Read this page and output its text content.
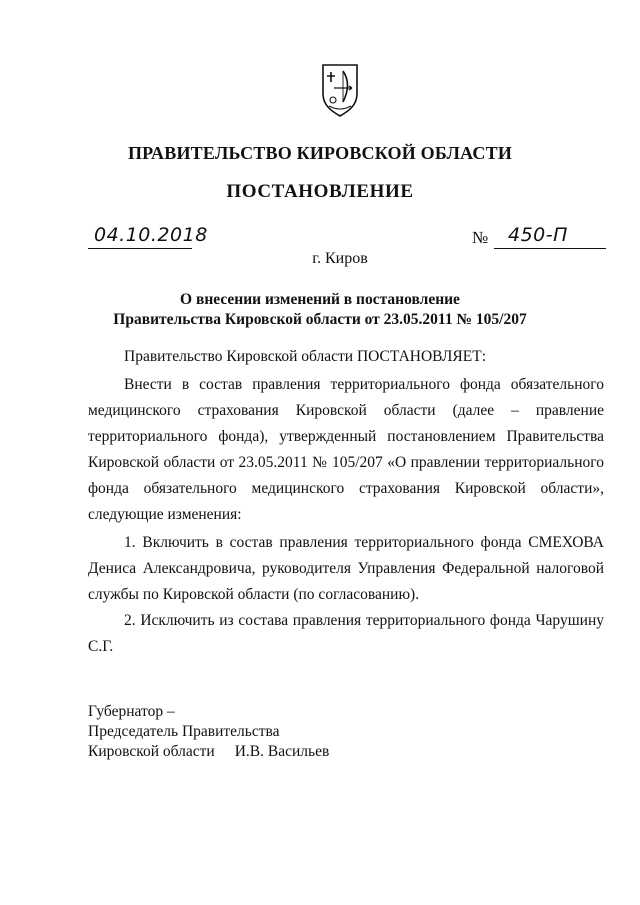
ПРАВИТЕЛЬСТВО КИРОВСКОЙ ОБЛАСТИ
ПОСТАНОВЛЕНИЕ
04.10.2018	№ 450-П
г. Киров
О внесении изменений в постановление
Правительства Кировской области от 23.05.2011 № 105/207

Правительство Кировской области ПОСТАНОВЛЯЕТ:

Внести в состав правления территориального фонда обязательного медицинского страхования Кировской области (далее – правление территориального фонда), утвержденный постановлением Правительства Кировской области от 23.05.2011 № 105/207 «О правлении территориального фонда обязательного медицинского страхования Кировской области», следующие изменения:

1. Включить в состав правления территориального фонда СМЕХОВА Дениса Александровича, руководителя Управления Федеральной налоговой службы по Кировской области (по согласованию).

2. Исключить из состава правления территориального фонда Чарушину С.Г.

Губернатор –
Председатель Правительства
Кировской области И.В. Васильев
